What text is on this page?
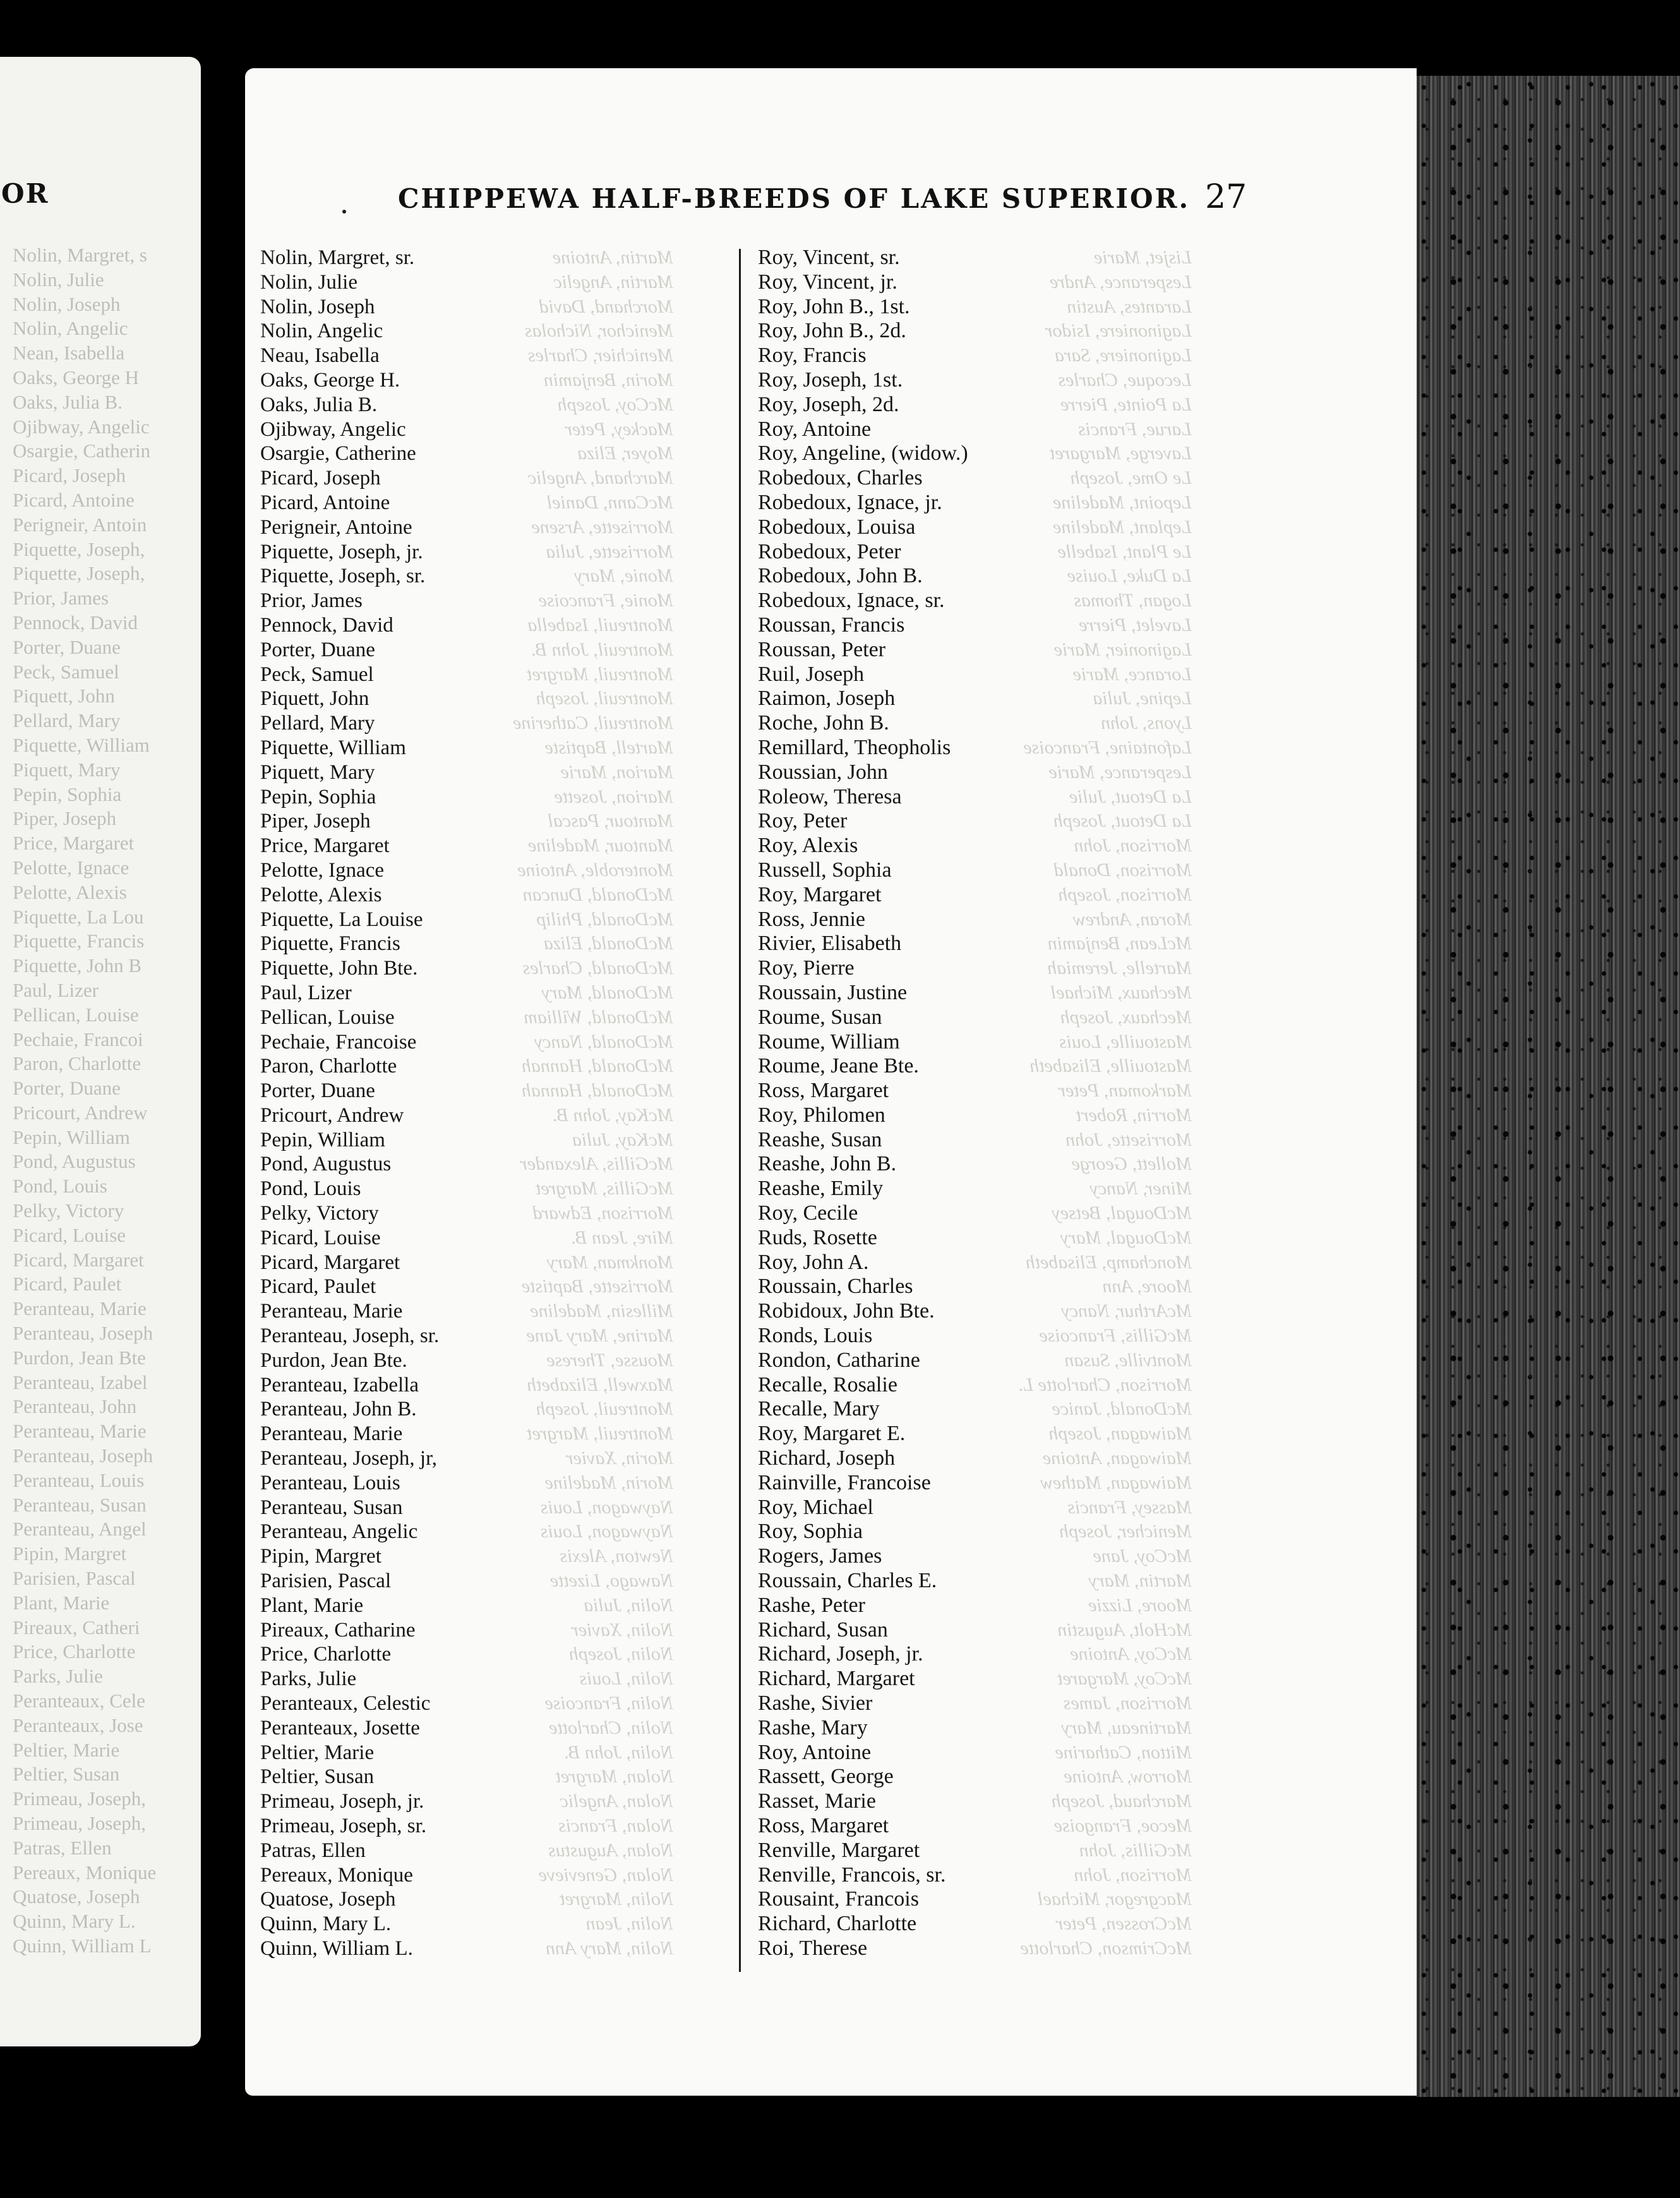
OR
Nolin, Margret, s
Nolin, Julie
Nolin, Joseph
Nolin, Angelic
Nean, Isabella
Oaks, George H
Oaks, Julia B.
Ojibway, Angelic
Osargie, Catherin
Picard, Joseph
Picard, Antoine
Perigneir, Antoin
Piquette, Joseph,
Piquette, Joseph,
Prior, James
Pennock, David
Porter, Duane
Peck, Samuel
Piquett, John
Pellard, Mary
Piquette, William
Piquett, Mary
Pepin, Sophia
Piper, Joseph
Price, Margaret
Pelotte, Ignace
Pelotte, Alexis
Piquette, La Lou
Piquette, Francis
Piquette, John B
Paul, Lizer
Pellican, Louise
Pechaie, Francoi
Paron, Charlotte
Porter, Duane
Pricourt, Andrew
Pepin, William
Pond, Augustus
Pond, Louis
Pelky, Victory
Picard, Louise
Picard, Margaret
Picard, Paulet
Peranteau, Marie
Peranteau, Joseph
Purdon, Jean Bte
Peranteau, Izabel
Peranteau, John
Peranteau, Marie
Peranteau, Joseph
Peranteau, Louis
Peranteau, Susan
Peranteau, Angel
Pipin, Margret
Parisien, Pascal
Plant, Marie
Pireaux, Catheri
Price, Charlotte
Parks, Julie
Peranteaux, Cele
Peranteaux, Jose
Peltier, Marie
Peltier, Susan
Primeau, Joseph,
Primeau, Joseph,
Patras, Ellen
Pereaux, Monique
Quatose, Joseph
Quinn, Mary L.
Quinn, William L
CHIPPEWA HALF-BREEDS OF LAKE SUPERIOR. 27
Martin, Antoine
Martin, Angelic
Morchand, David
Menichor, Nicholas
Menichier, Charles
Morin, Benjamin
McCoy, Joseph
Mackey, Peter
Moyer, Eliza
Marchand, Angelic
McCann, Daniel
Morrisette, Arsene
Morrisette, Julia
Monie, Mary
Monie, Francoise
Montreuil, Isabella
Montreuil, John B.
Montreuil, Margret
Montreuil, Joseph
Montreuil, Catherine
Martell, Baptiste
Marion, Marie
Marion, Josette
Mantour, Pascal
Mantour, Madeline
Monteroble, Antoine
McDonald, Duncan
McDonald, Philip
McDonald, Eliza
McDonald, Charles
McDonald, Mary
McDonald, William
McDonald, Nancy
McDonald, Hannah
McDonald, Hannah
McKay, John B.
McKay, Julia
McGillis, Alexander
McGillis, Margret
Morrison, Edward
Mire, Jean B.
Monkman, Mary
Morrisette, Baptiste
Millesin, Madeline
Marine, Mary Jane
Mousse, Therese
Maxwell, Elizabeth
Montreuil, Joseph
Montreuil, Margret
Morin, Xavier
Morin, Madeline
Naywagon, Louis
Naywagon, Louis
Newton, Alexis
Nawago, Lizette
Nolin, Julia
Nolin, Xavier
Nolin, Joseph
Nolin, Louis
Nolin, Francoise
Nolin, Charlotte
Nolin, John B.
Nolan, Margret
Nolan, Angelic
Nolan, Francis
Nolan, Augustus
Nolan, Genevieve
Nolin, Margret
Nolin, Jean
Nolin, Mary Ann
Lisjet, Marie
Lesperance, Andre
Larantes, Austin
Laginoniere, Isidor
Laginoniere, Sara
Lecoque, Charles
La Pointe, Pierre
Larue, Francis
Laverge, Margaret
Le Ome, Joseph
Lepoint, Madeline
Leplant, Madeline
Le Plant, Isabelle
La Duke, Louise
Logan, Thomas
Lavelet, Pierre
Laginonier, Marie
Lorance, Marie
Lepine, Julia
Lyons, John
Lafontaine, Francoise
Lesperance, Marie
La Detout, Julie
La Detout, Joseph
Morrison, John
Morrison, Donald
Morrison, Joseph
Moran, Andrew
McLean, Benjamin
Martelle, Jeremiah
Mechaux, Michael
Mechaux, Joseph
Mastouille, Louis
Mastouille, Elisabeth
Markoman, Peter
Morrin, Robert
Morrisette, John
Mollett, George
Miner, Nancy
McDougal, Betsey
McDougal, Mary
Monchamp, Elisabeth
Moore, Ann
McArthur, Nancy
McGillis, Francoise
Montville, Susan
Morrison, Charlotte L.
McDonald, Janice
Maiwagan, Joseph
Maiwagan, Antoine
Maiwagan, Mathew
Massey, Francis
Menicher, Joseph
McCoy, Jane
Martin, Mary
Moore, Lizzie
McHolt, Augustin
McCoy, Antoine
McCoy, Margaret
Morrison, James
Martineau, Mary
Mitton, Catharine
Morrow, Antoine
Marchaud, Joseph
Mecoe, Frangoise
McGillis, John
Morrison, John
Macgregor, Michael
McCrossen, Peter
McCrimson, Charlotte
Nolin, Margret, sr.
Nolin, Julie
Nolin, Joseph
Nolin, Angelic
Neau, Isabella
Oaks, George H.
Oaks, Julia B.
Ojibway, Angelic
Osargie, Catherine
Picard, Joseph
Picard, Antoine
Perigneir, Antoine
Piquette, Joseph, jr.
Piquette, Joseph, sr.
Prior, James
Pennock, David
Porter, Duane
Peck, Samuel
Piquett, John
Pellard, Mary
Piquette, William
Piquett, Mary
Pepin, Sophia
Piper, Joseph
Price, Margaret
Pelotte, Ignace
Pelotte, Alexis
Piquette, La Louise
Piquette, Francis
Piquette, John Bte.
Paul, Lizer
Pellican, Louise
Pechaie, Francoise
Paron, Charlotte
Porter, Duane
Pricourt, Andrew
Pepin, William
Pond, Augustus
Pond, Louis
Pelky, Victory
Picard, Louise
Picard, Margaret
Picard, Paulet
Peranteau, Marie
Peranteau, Joseph, sr.
Purdon, Jean Bte.
Peranteau, Izabella
Peranteau, John B.
Peranteau, Marie
Peranteau, Joseph, jr,
Peranteau, Louis
Peranteau, Susan
Peranteau, Angelic
Pipin, Margret
Parisien, Pascal
Plant, Marie
Pireaux, Catharine
Price, Charlotte
Parks, Julie
Peranteaux, Celestic
Peranteaux, Josette
Peltier, Marie
Peltier, Susan
Primeau, Joseph, jr.
Primeau, Joseph, sr.
Patras, Ellen
Pereaux, Monique
Quatose, Joseph
Quinn, Mary L.
Quinn, William L.
Roy, Vincent, sr.
Roy, Vincent, jr.
Roy, John B., 1st.
Roy, John B., 2d.
Roy, Francis
Roy, Joseph, 1st.
Roy, Joseph, 2d.
Roy, Antoine
Roy, Angeline, (widow.)
Robedoux, Charles
Robedoux, Ignace, jr.
Robedoux, Louisa
Robedoux, Peter
Robedoux, John B.
Robedoux, Ignace, sr.
Roussan, Francis
Roussan, Peter
Ruil, Joseph
Raimon, Joseph
Roche, John B.
Remillard, Theopholis
Roussian, John
Roleow, Theresa
Roy, Peter
Roy, Alexis
Russell, Sophia
Roy, Margaret
Ross, Jennie
Rivier, Elisabeth
Roy, Pierre
Roussain, Justine
Roume, Susan
Roume, William
Roume, Jeane Bte.
Ross, Margaret
Roy, Philomen
Reashe, Susan
Reashe, John B.
Reashe, Emily
Roy, Cecile
Ruds, Rosette
Roy, John A.
Roussain, Charles
Robidoux, John Bte.
Ronds, Louis
Rondon, Catharine
Recalle, Rosalie
Recalle, Mary
Roy, Margaret E.
Richard, Joseph
Rainville, Francoise
Roy, Michael
Roy, Sophia
Rogers, James
Roussain, Charles E.
Rashe, Peter
Richard, Susan
Richard, Joseph, jr.
Richard, Margaret
Rashe, Sivier
Rashe, Mary
Roy, Antoine
Rassett, George
Rasset, Marie
Ross, Margaret
Renville, Margaret
Renville, Francois, sr.
Rousaint, Francois
Richard, Charlotte
Roi, Therese
